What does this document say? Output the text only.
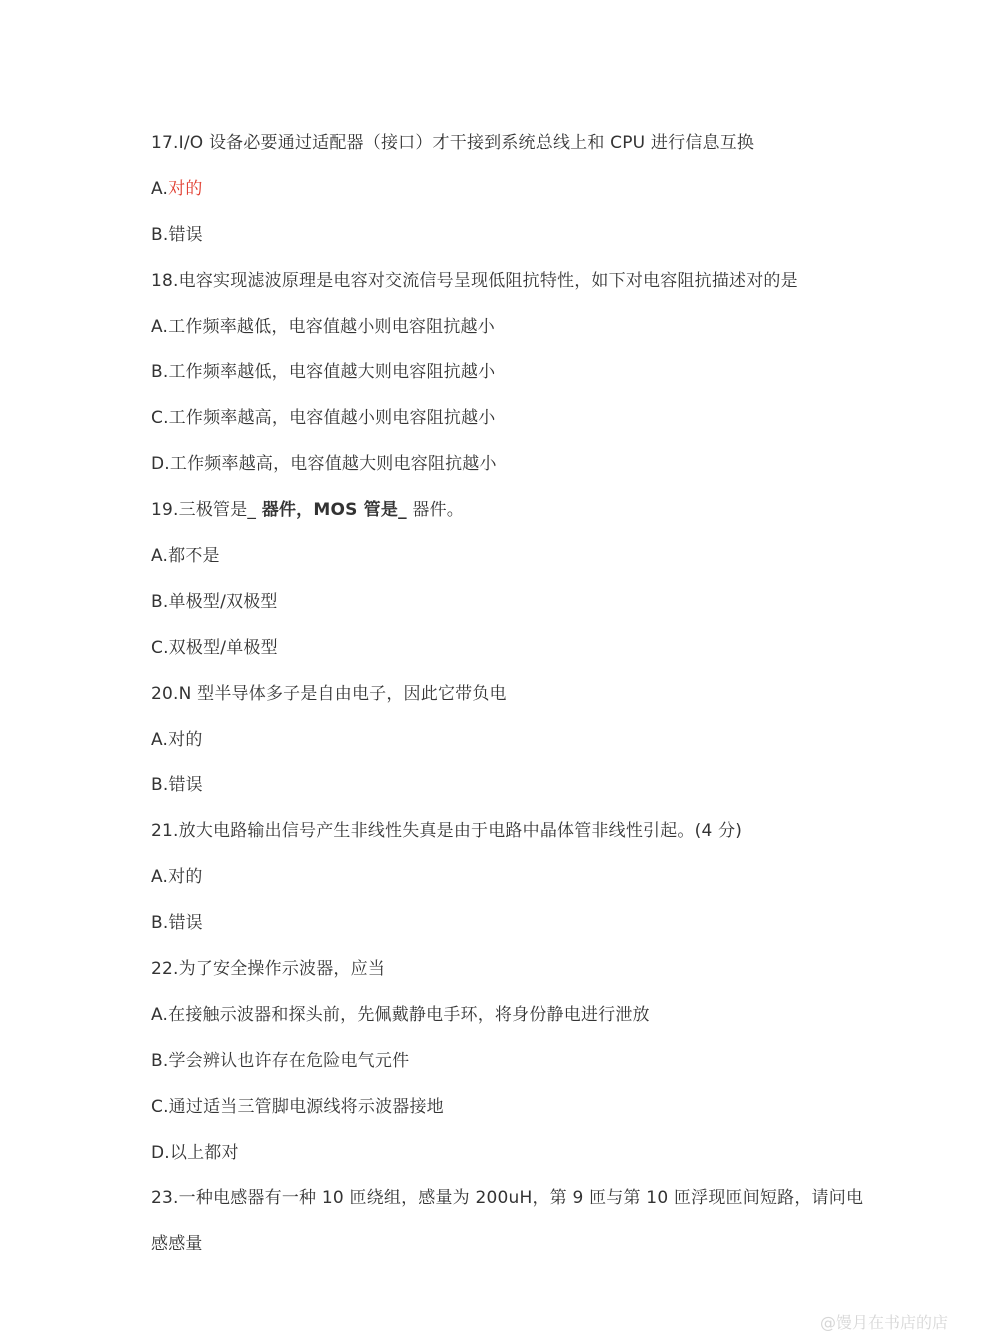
17.I/O 设备必要通过适配器（接口）才干接到系统总线上和 CPU 进行信息互换
A.对的
B.错误
18.电容实现滤波原理是电容对交流信号呈现低阻抗特性，如下对电容阻抗描述对的是
A.工作频率越低，电容值越小则电容阻抗越小
B.工作频率越低，电容值越大则电容阻抗越小
C.工作频率越高，电容值越小则电容阻抗越小
D.工作频率越高，电容值越大则电容阻抗越小
19.三极管是_ 器件，MOS 管是_ 器件。
A.都不是
B.单极型/双极型
C.双极型/单极型
20.N 型半导体多子是自由电子，因此它带负电
A.对的
B.错误
21.放大电路输出信号产生非线性失真是由于电路中晶体管非线性引起。(4 分)
A.对的
B.错误
22.为了安全操作示波器，应当
A.在接触示波器和探头前，先佩戴静电手环，将身份静电进行泄放
B.学会辨认也许存在危险电气元件
C.通过适当三管脚电源线将示波器接地
D.以上都对
23.一种电感器有一种 10 匝绕组，感量为 200uH，第 9 匝与第 10 匝浮现匝间短路，请问电
感感量
@馒月在书店的店
